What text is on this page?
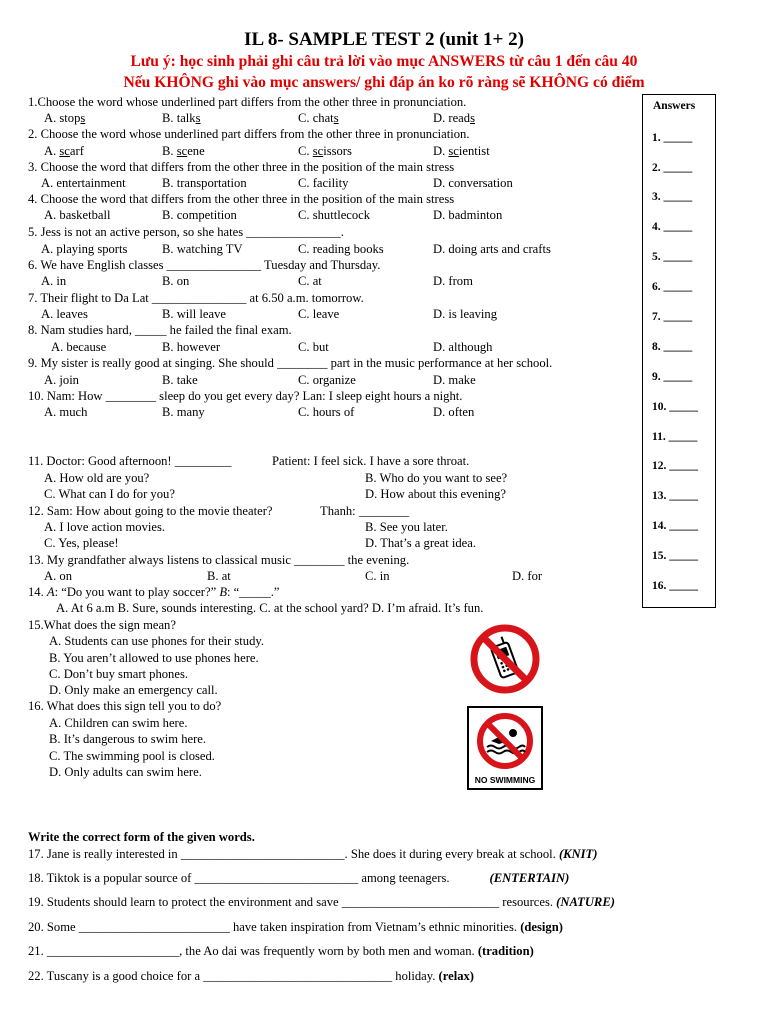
IL 8- SAMPLE TEST 2 (unit 1+ 2)
Lưu ý: học sinh phải ghi câu trả lời vào mục ANSWERS từ câu 1 đến câu 40
Nếu KHÔNG ghi vào mục answers/ ghi đáp án ko rõ ràng sẽ KHÔNG có điểm
Answers
1. _____
2. _____
3. _____
4. _____
5. _____
6. _____
7. _____
8. _____
9. _____
10. _____
11. _____
12. _____
13. _____
14. _____
15. _____
16. _____
1.Choose the word whose underlined part differs from the other three in pronunciation.
A. stops	B. talks	C. chats	D. reads
2. Choose the word whose underlined part differs from the other three in pronunciation.
A. scarf	B. scene	C. scissors	D. scientist
3. Choose the word that differs from the other three in the position of the main stress
A. entertainment	B. transportation	C. facility	D. conversation
4. Choose the word that differs from the other three in the position of the main stress
A. basketball	B. competition	C. shuttlecock	D. badminton
5. Jess is not an active person, so she hates _______________.
A. playing sports	B. watching TV	C. reading books	D. doing arts and crafts
6. We have English classes _______________ Tuesday and Thursday.
A. in	B. on	C. at	D. from
7. Their flight to Da Lat _______________ at 6.50 a.m. tomorrow.
A. leaves	B. will leave	C. leave	D. is leaving
8. Nam studies hard, _____ he failed the final exam.
A. because	B. however	C. but	D. although
9. My sister is really good at singing. She should ________ part in the music performance at her school.
A. join	B. take	C. organize	D. make
10. Nam: How ________ sleep do you get every day? Lan: I sleep eight hours a night.
A. much	B. many	C. hours of	D. often
11. Doctor: Good afternoon! _________	Patient: I feel sick. I have a sore throat.
A. How old are you?	B. Who do you want to see?
C. What can I do for you?	D. How about this evening?
12. Sam: How about going to the movie theater?	Thanh: ________
A. I love action movies.	B. See you later.
C. Yes, please!	D. That’s a great idea.
13. My grandfather always listens to classical music ________ the evening.
A. on	B. at	C. in	D. for
14. A: “Do you want to play soccer?” B: “_____.”
A. At 6 a.m B. Sure, sounds interesting. C. at the school yard? D. I’m afraid. It’s fun.
15.What does the sign mean?
A. Students can use phones for their study.
B. You aren’t allowed to use phones here.
C. Don’t buy smart phones.
D. Only make an emergency call.
16. What does this sign tell you to do?
A. Children can swim here.
B. It’s dangerous to swim here.
C. The swimming pool is closed.
D. Only adults can swim here.
NO SWIMMING
Write the correct form of the given words.
17. Jane is really interested in __________________________. She does it during every break at school. (KNIT)
18. Tiktok is a popular source of __________________________ among teenagers.	(ENTERTAIN)
19. Students should learn to protect the environment and save _________________________ resources. (NATURE)
20. Some ________________________ have taken inspiration from Vietnam’s ethnic minorities. (design)
21. _____________________, the Ao dai was frequently worn by both men and woman. (tradition)
22. Tuscany is a good choice for a ______________________________ holiday. (relax)
